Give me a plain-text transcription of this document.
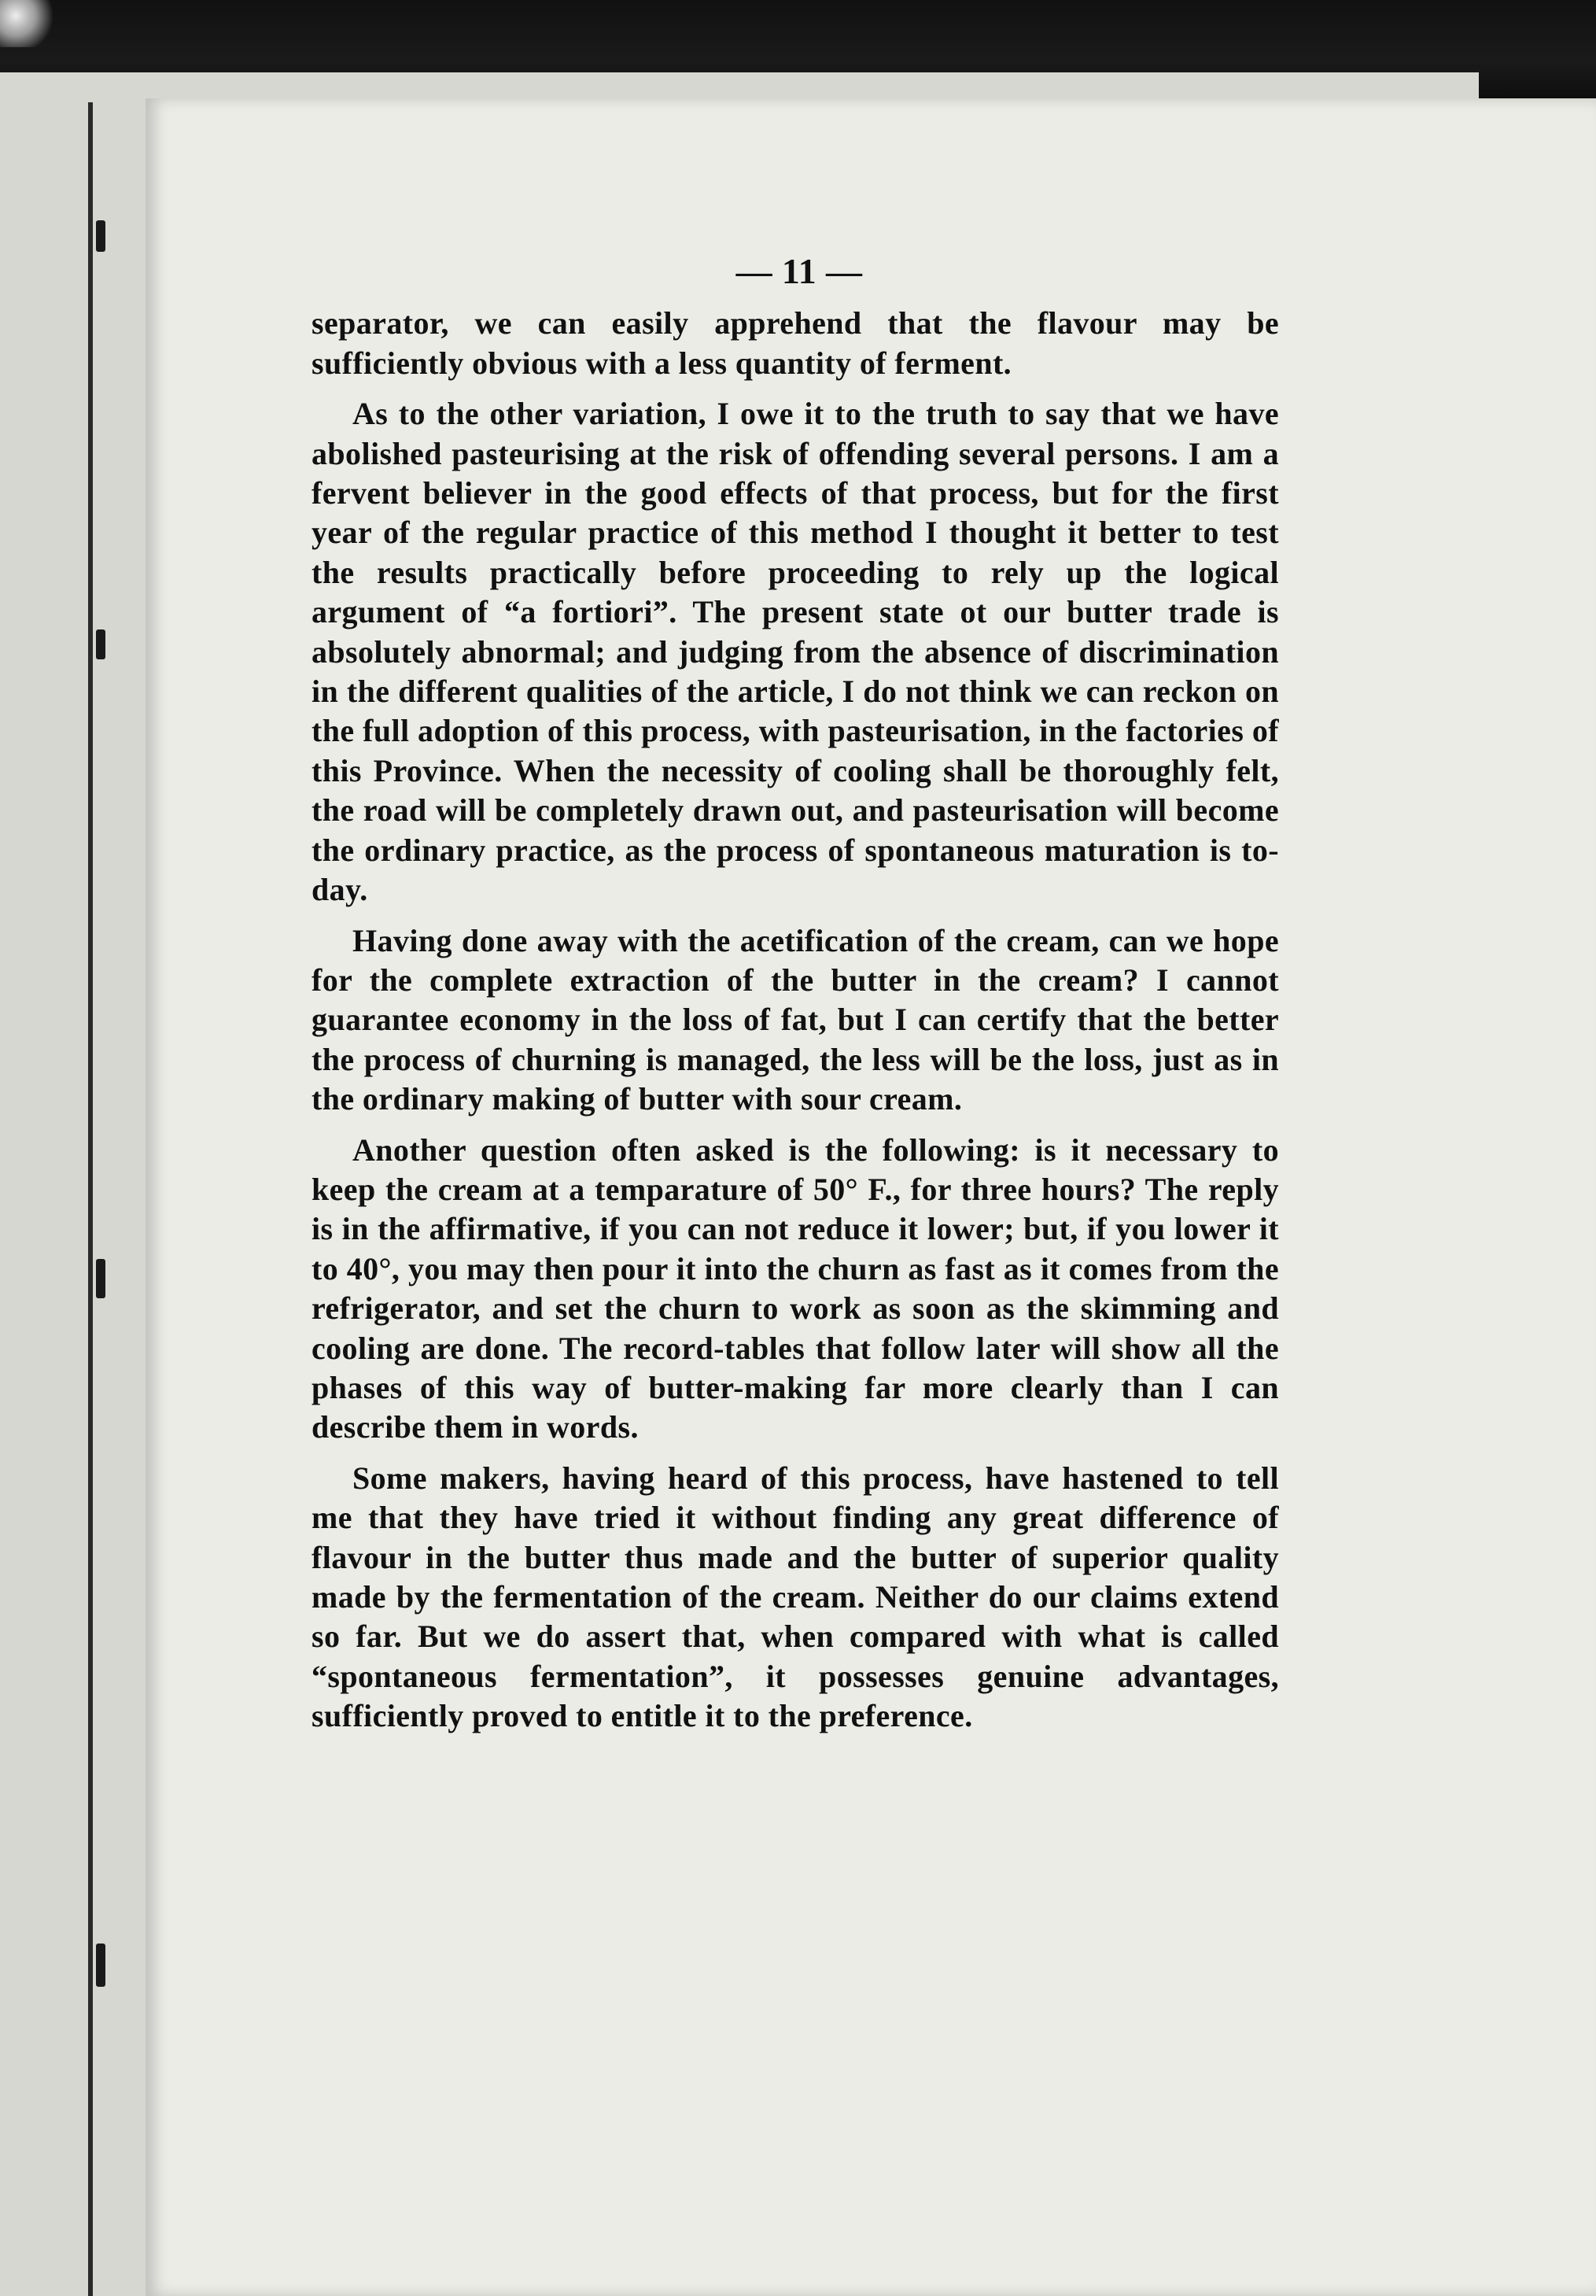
— 11 —

separator, we can easily apprehend that the flavour may be sufficiently obvious with a less quantity of ferment.

As to the other variation, I owe it to the truth to say that we have abolished pasteurising at the risk of offending several persons. I am a fervent believer in the good effects of that process, but for the first year of the regular practice of this method I thought it better to test the results practically before proceeding to rely up the logical argument of “a fortiori”. The present state ot our butter trade is absolutely abnormal; and judging from the absence of discrimination in the different qualities of the article, I do not think we can reckon on the full adoption of this process, with pasteurisation, in the factories of this Province. When the necessity of cooling shall be thoroughly felt, the road will be completely drawn out, and pasteurisation will become the ordinary practice, as the process of spontaneous maturation is to-day.

Having done away with the acetification of the cream, can we hope for the complete extraction of the butter in the cream? I cannot guarantee economy in the loss of fat, but I can certify that the better the process of churning is managed, the less will be the loss, just as in the ordinary making of butter with sour cream.

Another question often asked is the following: is it necessary to keep the cream at a temparature of 50° F., for three hours? The reply is in the affirmative, if you can not reduce it lower; but, if you lower it to 40°, you may then pour it into the churn as fast as it comes from the refrigerator, and set the churn to work as soon as the skimming and cooling are done. The record-tables that follow later will show all the phases of this way of butter-making far more clearly than I can describe them in words.

Some makers, having heard of this process, have hastened to tell me that they have tried it without finding any great difference of flavour in the butter thus made and the butter of superior quality made by the fermentation of the cream. Neither do our claims extend so far. But we do assert that, when compared with what is called “spontaneous fermentation”, it possesses genuine advantages, sufficiently proved to entitle it to the preference.
